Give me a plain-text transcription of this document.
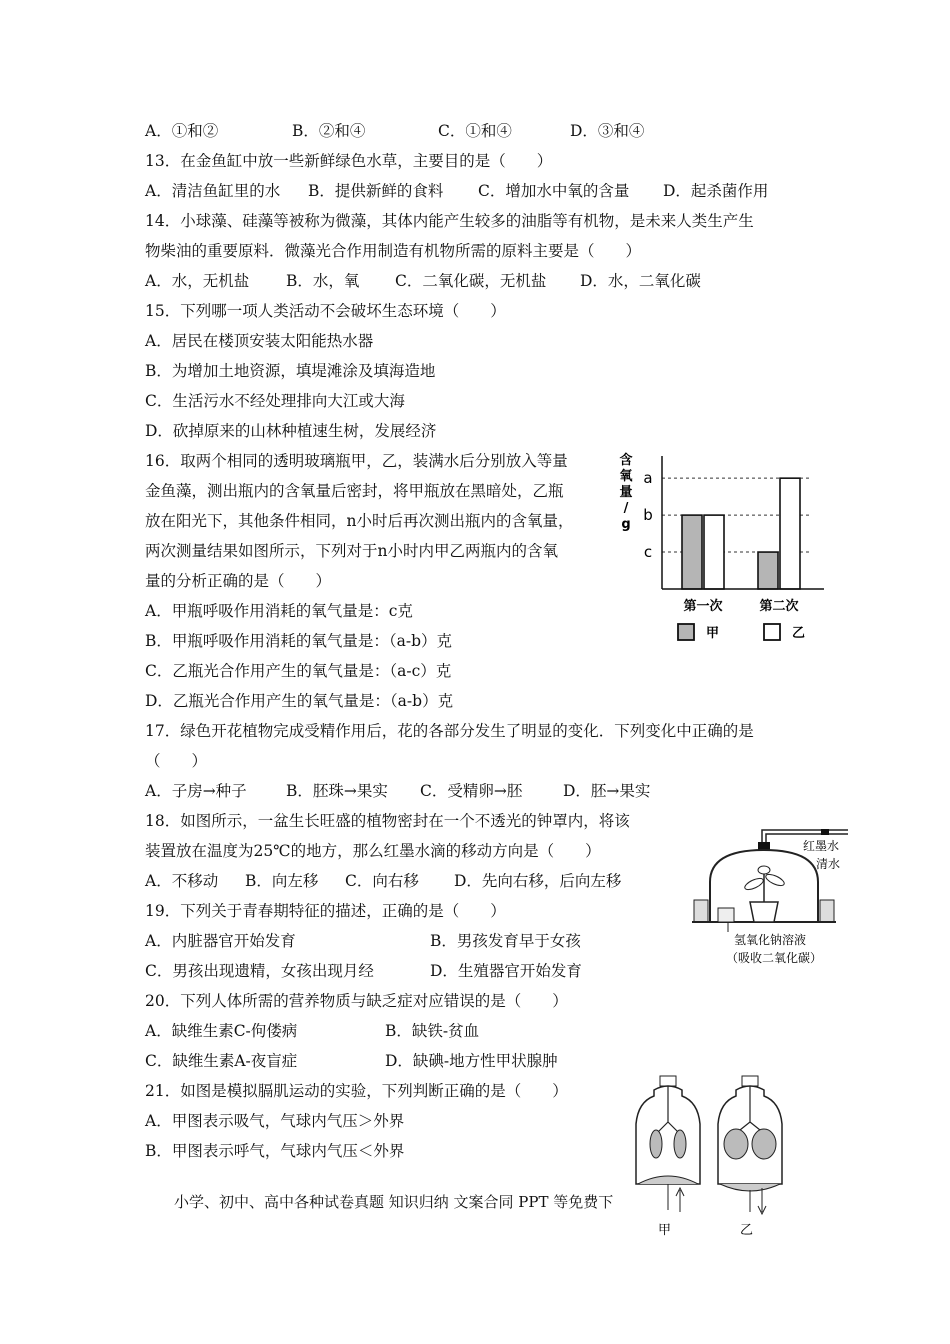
A．①和②	B．②和④	C．①和④	D．③和④
13．在金鱼缸中放一些新鲜绿色水草，主要目的是（　　）
A．清洁鱼缸里的水 B．提供新鲜的食料 C．增加水中氧的含量 D．起杀菌作用
14．小球藻、硅藻等被称为微藻，其体内能产生较多的油脂等有机物，是未来人类生产生
物柴油的重要原料．微藻光合作用制造有机物所需的原料主要是（　　）
A．水，无机盐 B．水，氧 C．二氧化碳，无机盐 D．水，二氧化碳
15．下列哪一项人类活动不会破坏生态环境（　　）
A．居民在楼顶安装太阳能热水器
B．为增加土地资源，填堤滩涂及填海造地
C．生活污水不经处理排向大江或大海
D．砍掉原来的山林种植速生树，发展经济
16．取两个相同的透明玻璃瓶甲，乙，装满水后分别放入等量
金鱼藻，测出瓶内的含氧量后密封，将甲瓶放在黑暗处，乙瓶
放在阳光下，其他条件相同，n小时后再次测出瓶内的含氧量，
两次测量结果如图所示，下列对于n小时内甲乙两瓶内的含氧
量的分析正确的是（　　）
A．甲瓶呼吸作用消耗的氧气量是：c克
B．甲瓶呼吸作用消耗的氧气量是：（a-b）克
C．乙瓶光合作用产生的氧气量是：（a-c）克
D．乙瓶光合作用产生的氧气量是：（a-b）克
含
氧
量
/
g
a
b
c
第一次	第二次
甲	乙
17．绿色开花植物完成受精作用后，花的各部分发生了明显的变化．下列变化中正确的是
（　　）
A．子房→种子	B．胚珠→果实 C．受精卵→胚	D．胚→果实
18．如图所示，一盆生长旺盛的植物密封在一个不透光的钟罩内，将该
装置放在温度为25℃的地方，那么红墨水滴的移动方向是（　　）
A．不移动 B．向左移 C．向右移 D．先向右移，后向左移
红墨水
清水
氢氧化钠溶液
（吸收二氧化碳）
19．下列关于青春期特征的描述，正确的是（　　）
A．内脏器官开始发育	B．男孩发育早于女孩
C．男孩出现遗精，女孩出现月经	D．生殖器官开始发育
20．下列人体所需的营养物质与缺乏症对应错误的是（　　）
A．缺维生素C-佝偻病	B．缺铁-贫血
C．缺维生素A-夜盲症	D．缺碘-地方性甲状腺肿
21．如图是模拟膈肌运动的实验，下列判断正确的是（　　）
A．甲图表示吸气，气球内气压＞外界
B．甲图表示呼气，气球内气压＜外界
甲	乙
小学、初中、高中各种试卷真题 知识归纳 文案合同 PPT 等免费下
